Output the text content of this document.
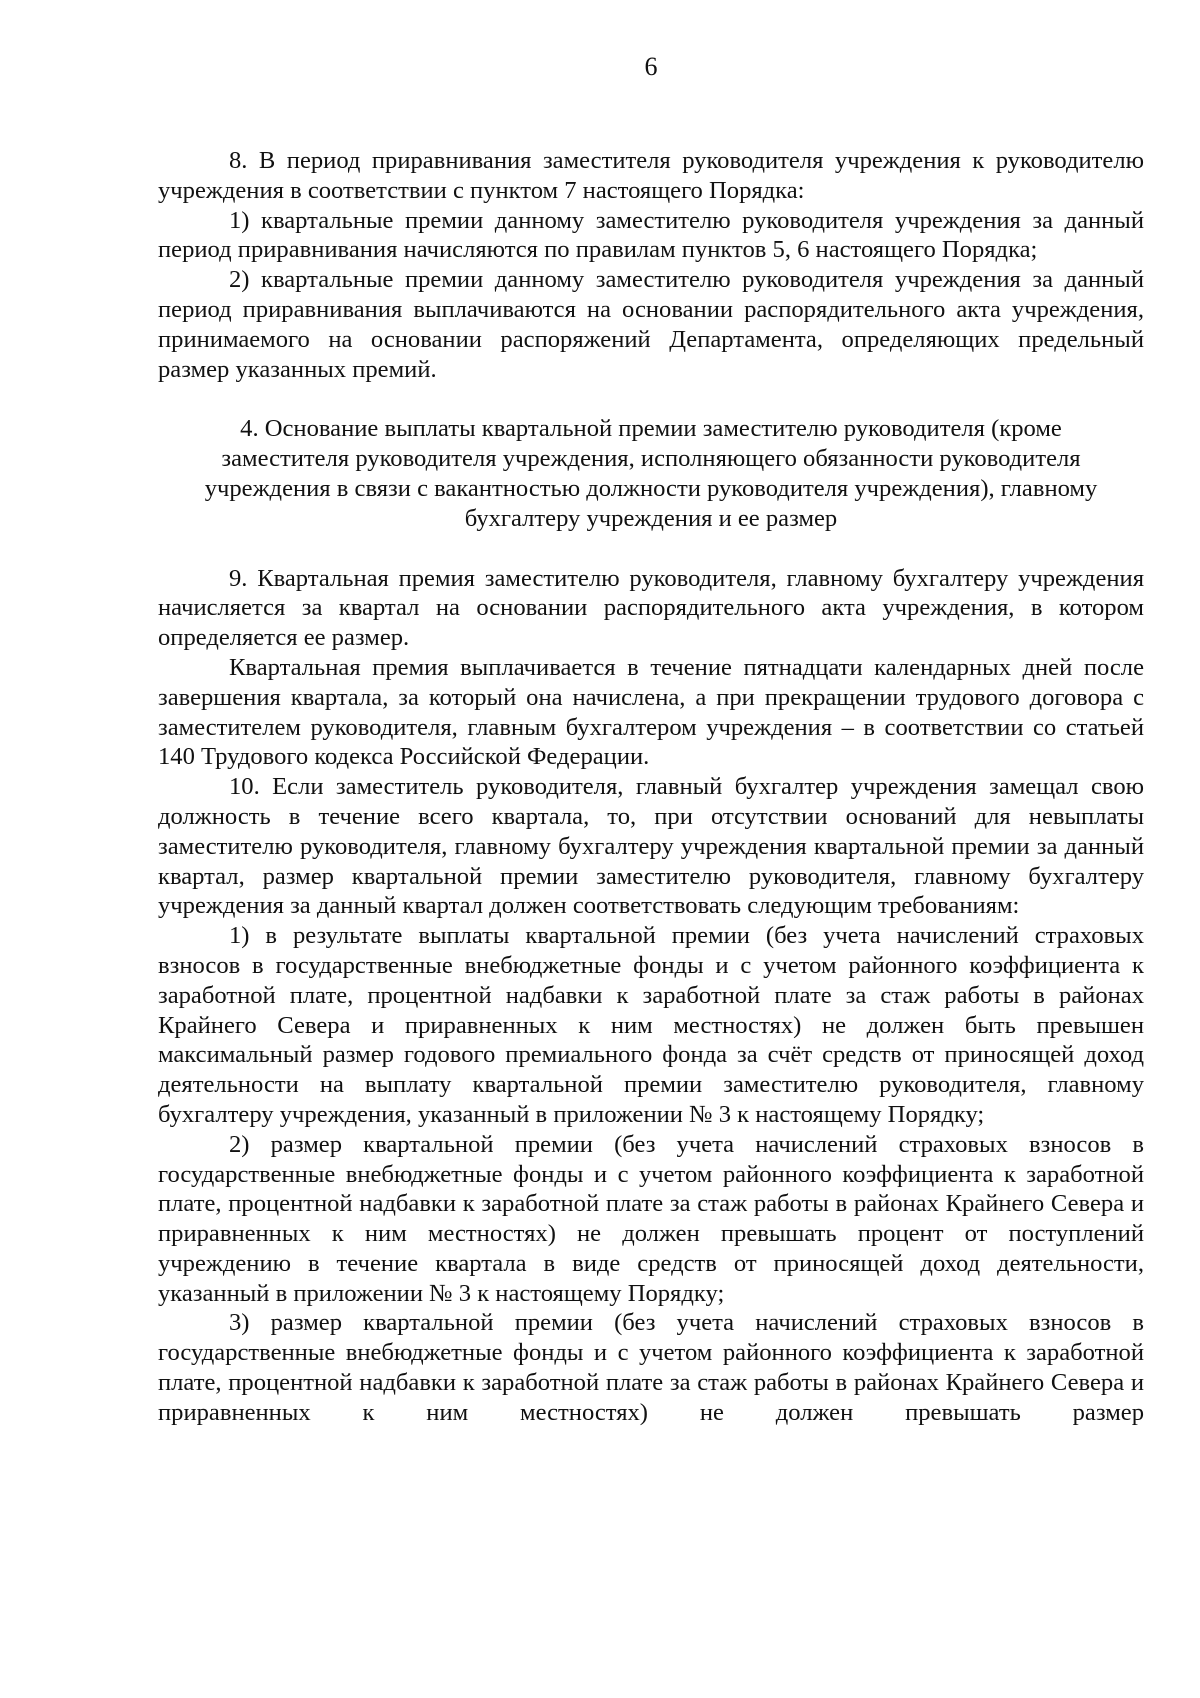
6

8. В период приравнивания заместителя руководителя учреждения к руководителю учреждения в соответствии с пунктом 7 настоящего Порядка:

1) квартальные премии данному заместителю руководителя учреждения за данный период приравнивания начисляются по правилам пунктов 5, 6 настоящего Порядка;

2) квартальные премии данному заместителю руководителя учреждения за данный период приравнивания выплачиваются на основании распорядительного акта учреждения, принимаемого на основании распоряжений Департамента, определяющих предельный размер указанных премий.

4. Основание выплаты квартальной премии заместителю руководителя (кроме
заместителя руководителя учреждения, исполняющего обязанности руководителя
учреждения в связи с вакантностью должности руководителя учреждения), главному
бухгалтеру учреждения и ее размер

9. Квартальная премия заместителю руководителя, главному бухгалтеру учреждения начисляется за квартал на основании распорядительного акта учреждения, в котором определяется ее размер.

Квартальная премия выплачивается в течение пятнадцати календарных дней после завершения квартала, за который она начислена, а при прекращении трудового договора с заместителем руководителя, главным бухгалтером учреждения – в соответствии со статьей 140 Трудового кодекса Российской Федерации.

10. Если заместитель руководителя, главный бухгалтер учреждения замещал свою должность в течение всего квартала, то, при отсутствии оснований для невыплаты заместителю руководителя, главному бухгалтеру учреждения квартальной премии за данный квартал, размер квартальной премии заместителю руководителя, главному бухгалтеру учреждения за данный квартал должен соответствовать следующим требованиям:

1) в результате выплаты квартальной премии (без учета начислений страховых взносов в государственные внебюджетные фонды и с учетом районного коэффициента к заработной плате, процентной надбавки к заработной плате за стаж работы в районах Крайнего Севера и приравненных к ним местностях) не должен быть превышен максимальный размер годового премиального фонда за счёт средств от приносящей доход деятельности на выплату квартальной премии заместителю руководителя, главному бухгалтеру учреждения, указанный в приложении № 3 к настоящему Порядку;

2) размер квартальной премии (без учета начислений страховых взносов в государственные внебюджетные фонды и с учетом районного коэффициента к заработной плате, процентной надбавки к заработной плате за стаж работы в районах Крайнего Севера и приравненных к ним местностях) не должен превышать процент от поступлений учреждению в течение квартала в виде средств от приносящей доход деятельности, указанный в приложении № 3 к настоящему Порядку;

3) размер квартальной премии (без учета начислений страховых взносов в государственные внебюджетные фонды и с учетом районного коэффициента к заработной плате, процентной надбавки к заработной плате за стаж работы в районах Крайнего Севера и приравненных к ним местностях) не должен превышать размер
